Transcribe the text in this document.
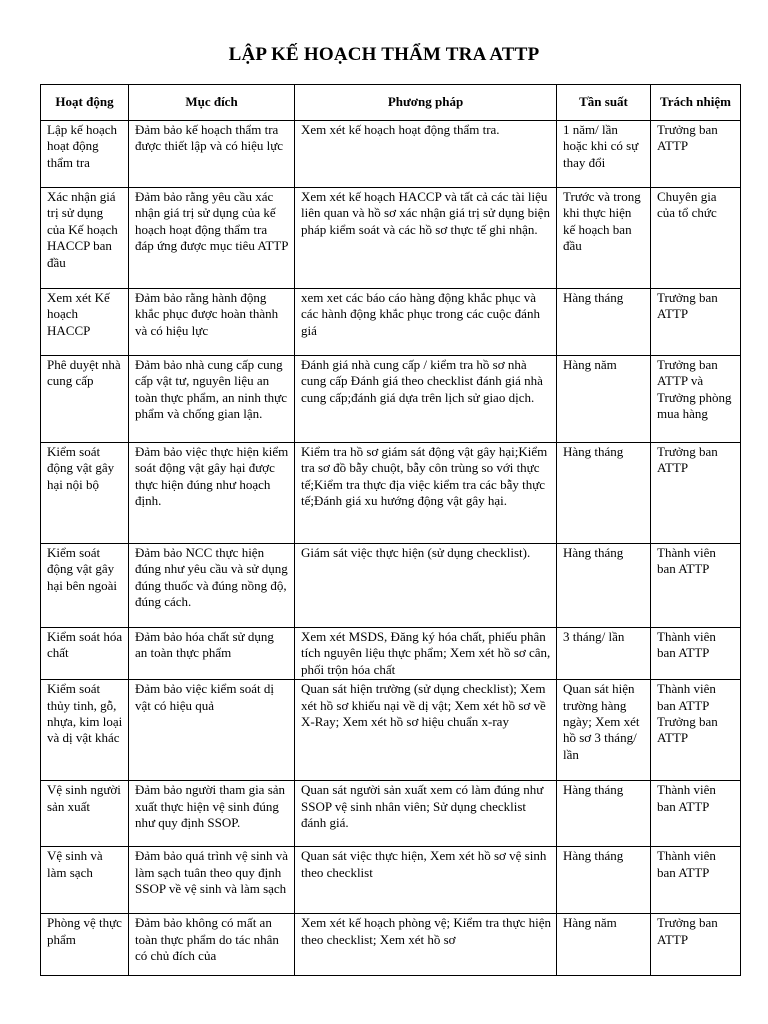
LẬP KẾ HOẠCH THẨM TRA ATTP
Hoạt động	Mục đích	Phương pháp	Tần suất	Trách nhiệm
Lập kế hoạch hoạt động thẩm tra	Đảm bảo kế hoạch thẩm tra được thiết lập và có hiệu lực	Xem xét kế hoạch hoạt động thẩm tra.	1 năm/ lần hoặc khi có sự thay đổi	Trưởng ban ATTP
Xác nhận giá trị sử dụng của Kế hoạch HACCP ban đầu	Đảm bảo rằng yêu cầu xác nhận giá trị sử dụng của kế hoạch hoạt động thẩm tra đáp ứng được mục tiêu ATTP	Xem xét kế hoạch HACCP và tất cả các tài liệu liên quan và hồ sơ xác nhận giá trị sử dụng biện pháp kiểm soát và các hồ sơ thực tế ghi nhận.	Trước và trong khi thực hiện kế hoạch ban đầu	Chuyên gia của tổ chức
Xem xét Kế hoạch HACCP	Đảm bảo rằng hành động khắc phục được hoàn thành và có hiệu lực	xem xet các báo cáo hàng động khắc phục và các hành động khắc phục trong các cuộc đánh giá	Hàng tháng	Trưởng ban ATTP
Phê duyệt nhà cung cấp	Đảm bảo nhà cung cấp cung cấp vật tư, nguyên liệu an toàn thực phẩm, an ninh thực phẩm và chống gian lận.	Đánh giá nhà cung cấp / kiểm tra hồ sơ nhà cung cấp Đánh giá theo checklist đánh giá nhà cung cấp;đánh giá dựa trên lịch sử giao dịch.	Hàng năm	Trưởng ban ATTP và Trưởng phòng mua hàng
Kiểm soát động vật gây hại nội bộ	Đảm bảo việc thực hiện kiểm soát động vật gây hại được thực hiện đúng như hoạch định.	Kiểm tra hồ sơ giám sát động vật gây hại;Kiểm tra sơ đồ bẫy chuột, bẫy côn trùng so với thực tế;Kiểm tra thực địa việc kiểm tra các bẫy thực tế;Đánh giá xu hướng động vật gây hại.	Hàng tháng	Trưởng ban ATTP
Kiểm soát động vật gây hại bên ngoài	Đảm bảo NCC thực hiện đúng như yêu cầu và sử dụng đúng thuốc và đúng nồng độ, đúng cách.	Giám sát việc thực hiện (sử dụng checklist).	Hàng tháng	Thành viên ban ATTP
Kiểm soát hóa chất	Đảm bảo hóa chất sử dụng an toàn thực phẩm	Xem xét MSDS, Đăng ký hóa chất, phiếu phân tích nguyên liệu thực phẩm; Xem xét hồ sơ cân, phối trộn hóa chất	3 tháng/ lần	Thành viên ban ATTP
Kiểm soát thủy tinh, gỗ, nhựa, kim loại và dị vật khác	Đảm bảo việc kiểm soát dị vật có hiệu quả	Quan sát hiện trường (sử dụng checklist); Xem xét hồ sơ khiếu nại về dị vật; Xem xét hồ sơ về X-Ray; Xem xét hồ sơ hiệu chuẩn x-ray	Quan sát hiện trường hàng ngày; Xem xét hồ sơ 3 tháng/ lần	Thành viên ban ATTP Trưởng ban ATTP
Vệ sinh người sản xuất	Đảm bảo người tham gia sản xuất thực hiện vệ sinh đúng như quy định SSOP.	Quan sát người sản xuất xem có làm đúng như SSOP vệ sinh nhân viên; Sử dụng checklist đánh giá.	Hàng tháng	Thành viên ban ATTP
Vệ sinh và làm sạch	Đảm bảo quá trình vệ sinh và làm sạch tuân theo quy định SSOP về vệ sinh và làm sạch	Quan sát việc thực hiện, Xem xét hồ sơ vệ sinh theo checklist	Hàng tháng	Thành viên ban ATTP
Phòng vệ thực phẩm	Đảm bảo không có mất an toàn thực phẩm do tác nhân có chủ đích của	Xem xét kế hoạch phòng vệ; Kiểm tra thực hiện theo checklist; Xem xét hồ sơ	Hàng năm	Trưởng ban ATTP
